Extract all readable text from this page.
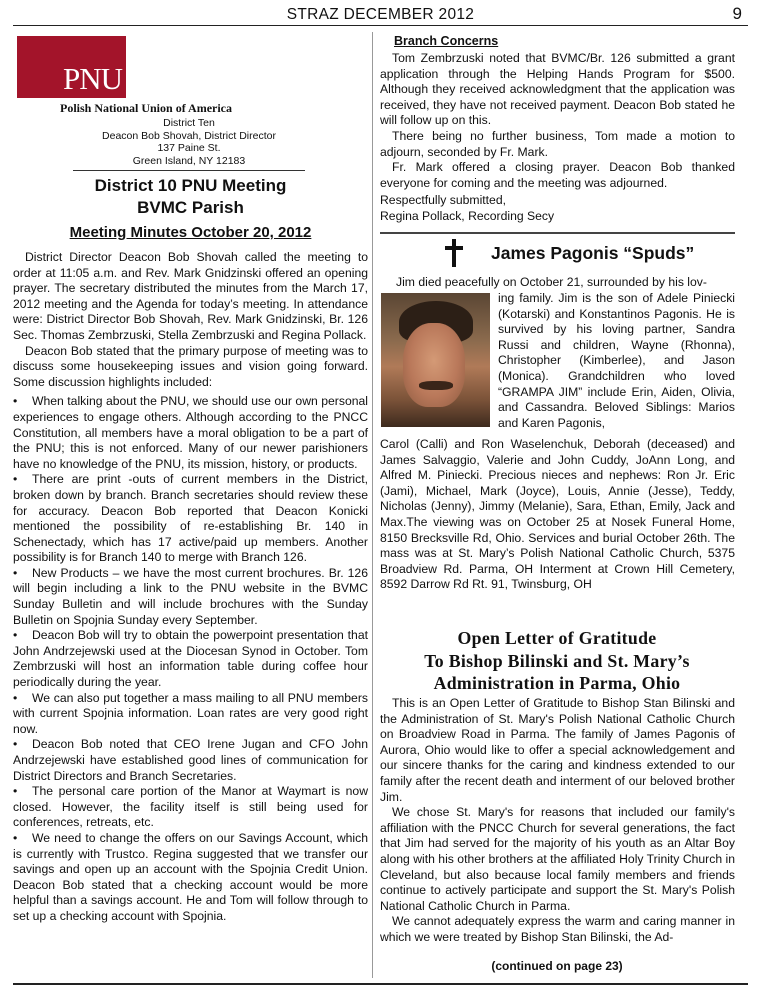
STRAZ DECEMBER 2012	9
PNU
Polish National Union of America
District Ten
Deacon Bob Shovah, District Director
137 Paine St.
Green Island, NY 12183
District 10 PNU Meeting
BVMC Parish
Meeting Minutes October 20, 2012

District Director Deacon Bob Shovah called the meeting to order at 11:05 a.m. and Rev. Mark Gnidzinski offered an opening prayer. The secretary distributed the minutes from the March 17, 2012 meeting and the Agenda for today’s meeting. In attendance were: District Director Bob Shovah, Rev. Mark Gnidzinski, Br. 126 Sec. Thomas Zembrzuski, Stella Zembrzuski and Regina Pollack.

Deacon Bob stated that the primary purpose of meeting was to discuss some housekeeping issues and vision going forward. Some discussion highlights included:

• When talking about the PNU, we should use our own personal experiences to engage others. Although according to the PNCC Constitution, all members have a moral obligation to be a part of the PNU; this is not enforced. Many of our newer parishioners have no knowledge of the PNU, its mission, history, or products.
• There are print -outs of current members in the District, broken down by branch. Branch secretaries should review these for accuracy. Deacon Bob reported that Deacon Konicki mentioned the possibility of re-establishing Br. 140 in Schenectady, which has 17 active/paid up members. Another possibility is for Branch 140 to merge with Branch 126.
• New Products – we have the most current brochures. Br. 126 will begin including a link to the PNU website in the BVMC Sunday Bulletin and will include brochures with the Sunday Bulletin on Spojnia Sunday every September.
• Deacon Bob will try to obtain the powerpoint presentation that John Andrzejewski used at the Diocesan Synod in October. Tom Zembrzuski will host an information table during coffee hour periodically during the year.
• We can also put together a mass mailing to all PNU members with current Spojnia information. Loan rates are very good right now.
• Deacon Bob noted that CEO Irene Jugan and CFO John Andrzejewski have established good lines of communication for District Directors and Branch Secretaries.
• The personal care portion of the Manor at Waymart is now closed. However, the facility itself is still being used for conferences, retreats, etc.
• We need to change the offers on our Savings Account, which is currently with Trustco. Regina suggested that we transfer our savings and open up an account with the Spojnia Credit Union. Deacon Bob stated that a checking account would be more helpful than a savings account. He and Tom will follow through to set up a checking account with Spojnia.
Branch Concerns

Tom Zembrzuski noted that BVMC/Br. 126 submitted a grant application through the Helping Hands Program for $500. Although they received acknowledgment that the application was received, they have not received payment. Deacon Bob stated he will follow up on this.

There being no further business, Tom made a motion to adjourn, seconded by Fr. Mark.

Fr. Mark offered a closing prayer. Deacon Bob thanked everyone for coming and the meeting was adjourned.

Respectfully submitted,
Regina Pollack, Recording Secy
James Pagonis “Spuds”
Jim died peacefully on October 21, surrounded by his lov-
ing family. Jim is the son of Adele Piniecki (Kotarski) and Konstantinos Pagonis. He is survived by his loving partner, Sandra Russi and children, Wayne (Rhonna), Christopher (Kimberlee), and Jason (Monica). Grandchildren who loved “GRAMPA JIM” include Erin, Aiden, Olivia, and Cassandra. Beloved Siblings: Marios and Karen Pagonis,
Carol (Calli) and Ron Waselenchuk, Deborah (deceased) and James Salvaggio, Valerie and John Cuddy, JoAnn Long, and Alfred M. Piniecki. Precious nieces and nephews: Ron Jr. Eric (Jami), Michael, Mark (Joyce), Louis, Annie (Jesse), Teddy, Nicholas (Jenny), Jimmy (Melanie), Sara, Ethan, Emily, Jack and Max.The viewing was on October 25 at Nosek Funeral Home, 8150 Brecksville Rd, Ohio. Services and burial October 26th. The mass was at St. Mary’s Polish National Catholic Church, 5375 Broadview Rd. Parma, OH Interment at Crown Hill Cemetery, 8592 Darrow Rd Rt. 91, Twinsburg, OH
Open Letter of Gratitude
To Bishop Bilinski and St. Mary’s
Administration in Parma, Ohio

This is an Open Letter of Gratitude to Bishop Stan Bilinski and the Administration of St. Mary's Polish National Catholic Church on Broadview Road in Parma. The family of James Pagonis of Aurora, Ohio would like to offer a special acknowledgement and our sincere thanks for the caring and kindness extended to our family after the recent death and interment of our beloved brother Jim.

We chose St. Mary's for reasons that included our family's affiliation with the PNCC Church for several generations, the fact that Jim had served for the majority of his youth as an Altar Boy along with his other brothers at the affiliated Holy Trinity Church in Cleveland, but also because local family members and friends continue to actively participate and support the St. Mary's Polish National Catholic Church in Parma.

We cannot adequately express the warm and caring manner in which we were treated by Bishop Stan Bilinski, the Ad-

(continued on page 23)
